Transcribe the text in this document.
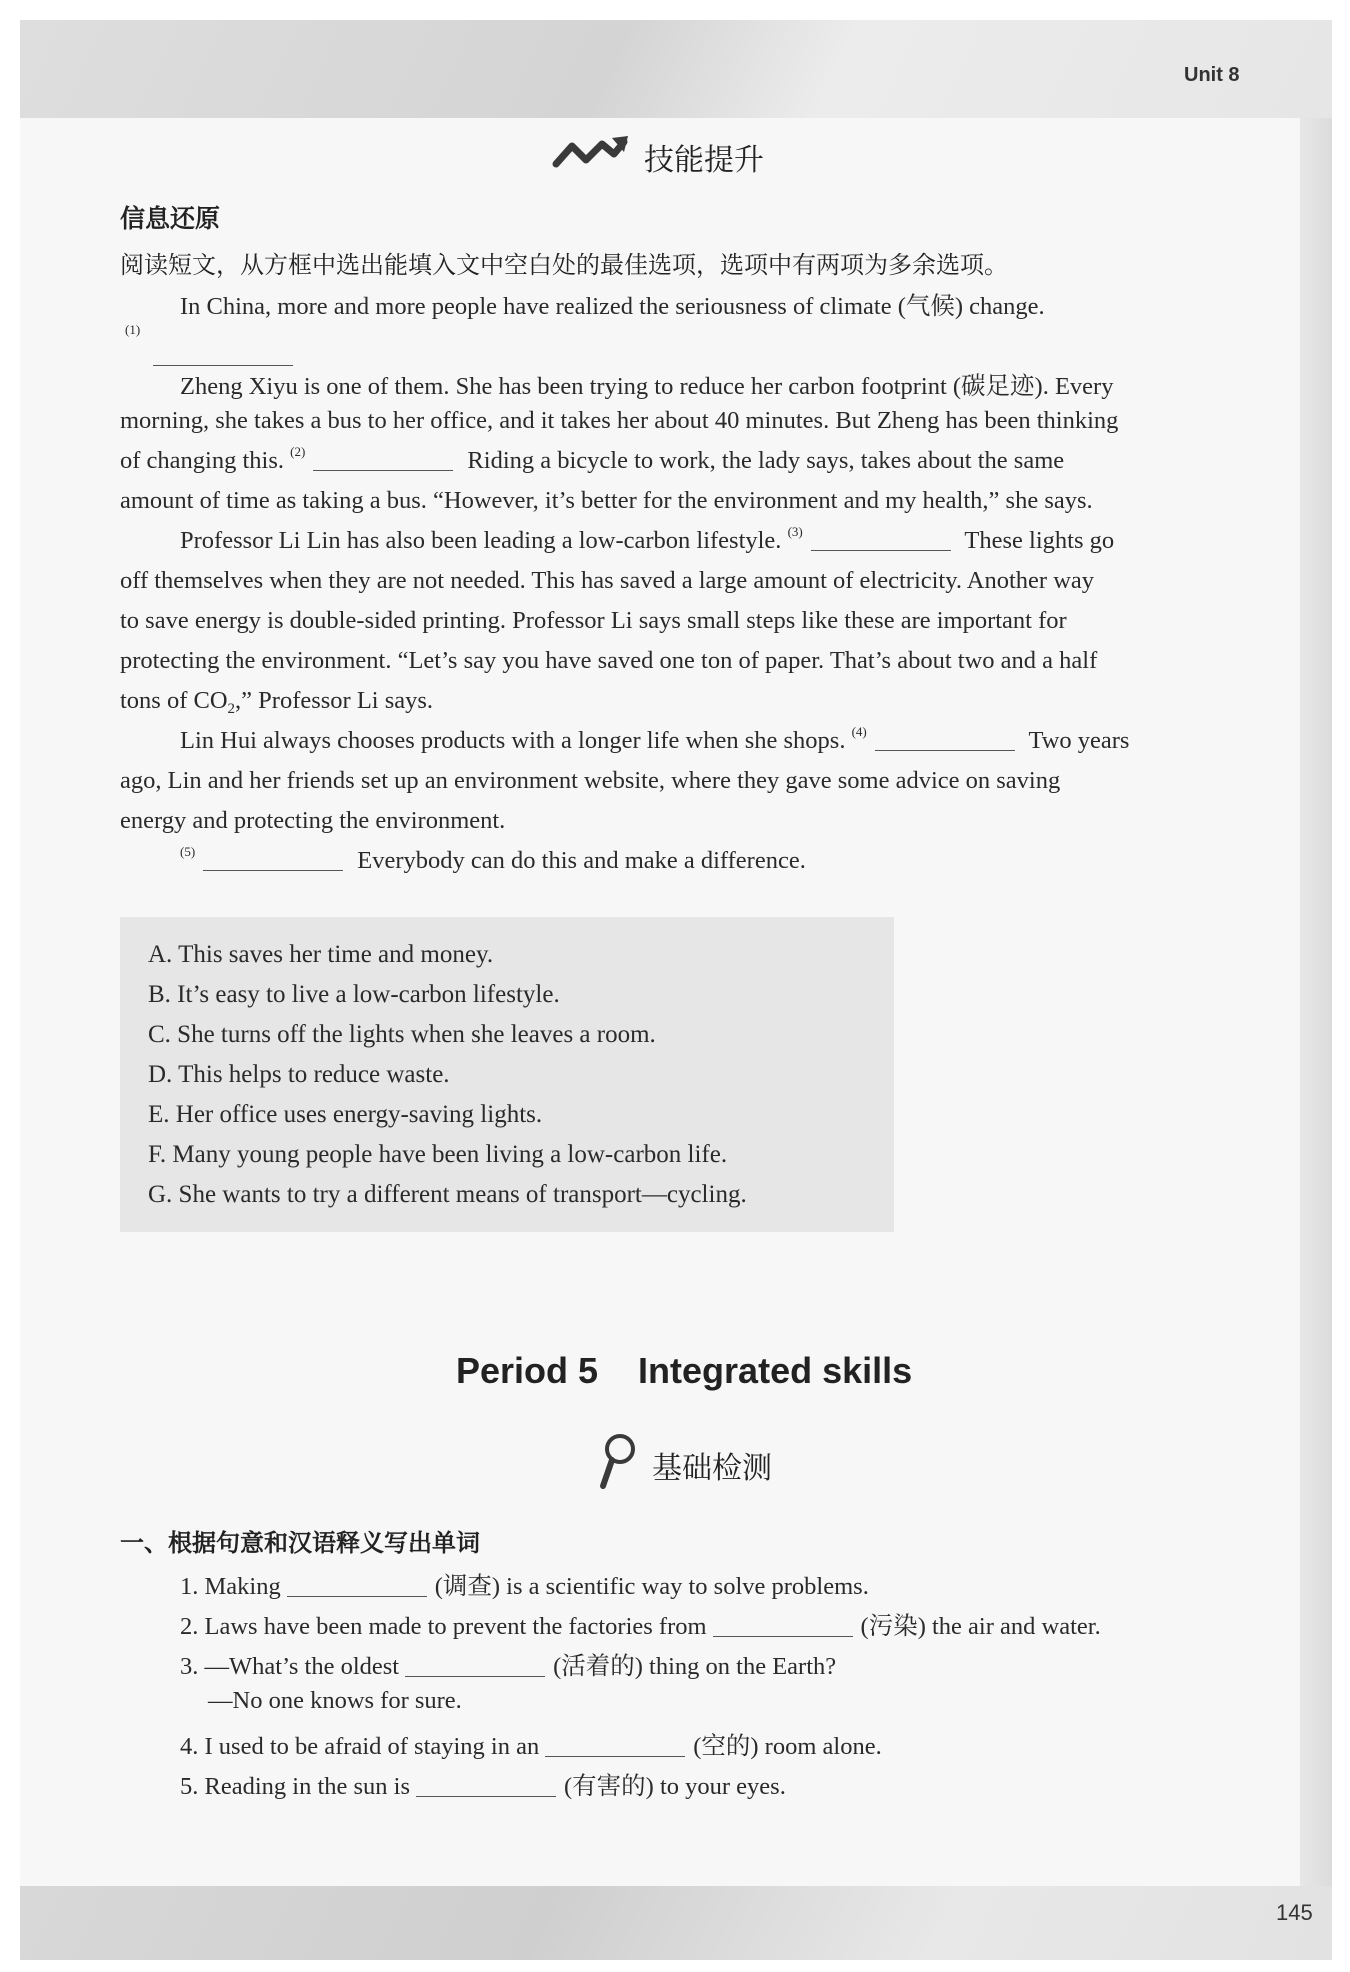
Unit 8
技能提升
信息还原
阅读短文，从方框中选出能填入文中空白处的最佳选项，选项中有两项为多余选项。
In China, more and more people have realized the seriousness of climate (气候) change.
(1)
Zheng Xiyu is one of them. She has been trying to reduce her carbon footprint (碳足迹). Every
morning, she takes a bus to her office, and it takes her about 40 minutes. But Zheng has been thinking
of changing this. $^{(2)}$	Riding a bicycle to work, the lady says, takes about the same
amount of time as taking a bus. “However, it’s better for the environment and my health,” she says.
Professor Li Lin has also been leading a low-carbon lifestyle. $^{(3)}$	These lights go
off themselves when they are not needed. This has saved a large amount of electricity. Another way
to save energy is double-sided printing. Professor Li says small steps like these are important for
protecting the environment. “Let’s say you have saved one ton of paper. That’s about two and a half
tons of $CO_2$,” Professor Li says.
Lin Hui always chooses products with a longer life when she shops. $^{(4)}$	Two years
ago, Lin and her friends set up an environment website, where they gave some advice on saving
energy and protecting the environment.
$^{(5)}$	Everybody can do this and make a difference.
A. This saves her time and money.
B. It’s easy to live a low-carbon lifestyle.
C. She turns off the lights when she leaves a room.
D. This helps to reduce waste.
E. Her office uses energy-saving lights.
F. Many young people have been living a low-carbon life.
G. She wants to try a different means of transport—cycling.
Period 5    Integrated skills
基础检测
一、根据句意和汉语释义写出单词
1. Making	(调查) is a scientific way to solve problems.
2. Laws have been made to prevent the factories from	(污染) the air and water.
3. —What’s the oldest	(活着的) thing on the Earth?
—No one knows for sure.
4. I used to be afraid of staying in an	(空的) room alone.
5. Reading in the sun is	(有害的) to your eyes.
145
